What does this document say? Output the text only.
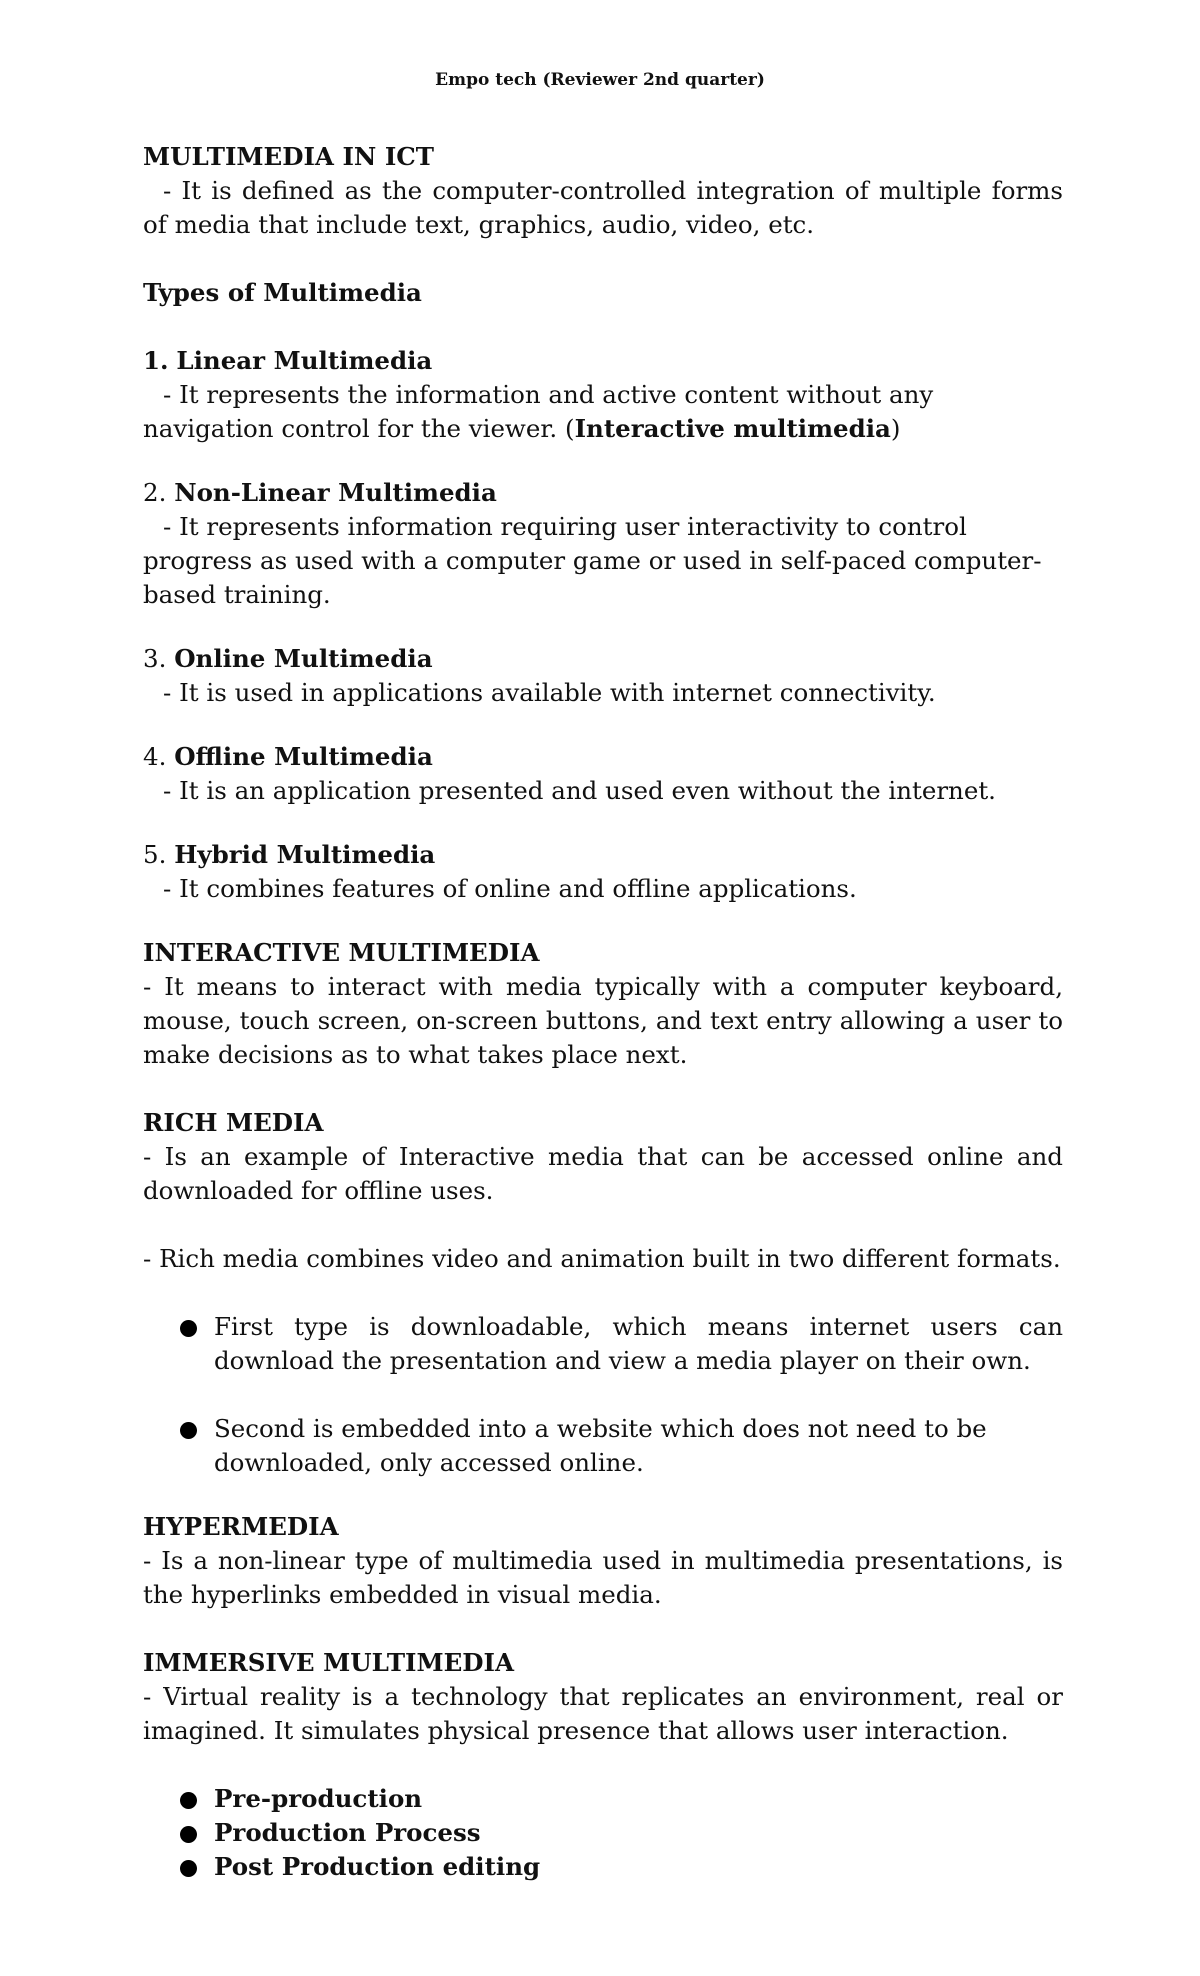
Empo tech (Reviewer 2nd quarter)

MULTIMEDIA IN ICT

- It is defined as the computer-controlled integration of multiple forms of media that include text, graphics, audio, video, etc.

Types of Multimedia

1. Linear Multimedia

- It represents the information and active content without any navigation control for the viewer. (Interactive multimedia)

2. Non-Linear Multimedia

- It represents information requiring user interactivity to control progress as used with a computer game or used in self-paced computer-based training.

3. Online Multimedia

- It is used in applications available with internet connectivity.

4. Offline Multimedia

- It is an application presented and used even without the internet.

5. Hybrid Multimedia

- It combines features of online and offline applications.

INTERACTIVE MULTIMEDIA

- It means to interact with media typically with a computer keyboard, mouse, touch screen, on-screen buttons, and text entry allowing a user to make decisions as to what takes place next.

RICH MEDIA

- Is an example of Interactive media that can be accessed online and downloaded for offline uses.

- Rich media combines video and animation built in two different formats.

First type is downloadable, which means internet users can download the presentation and view a media player on their own.
Second is embedded into a website which does not need to be downloaded, only accessed online.

HYPERMEDIA

- Is a non-linear type of multimedia used in multimedia presentations, is the hyperlinks embedded in visual media.

IMMERSIVE MULTIMEDIA

- Virtual reality is a technology that replicates an environment, real or imagined. It simulates physical presence that allows user interaction.

Pre-production
Production Process
Post Production editing
